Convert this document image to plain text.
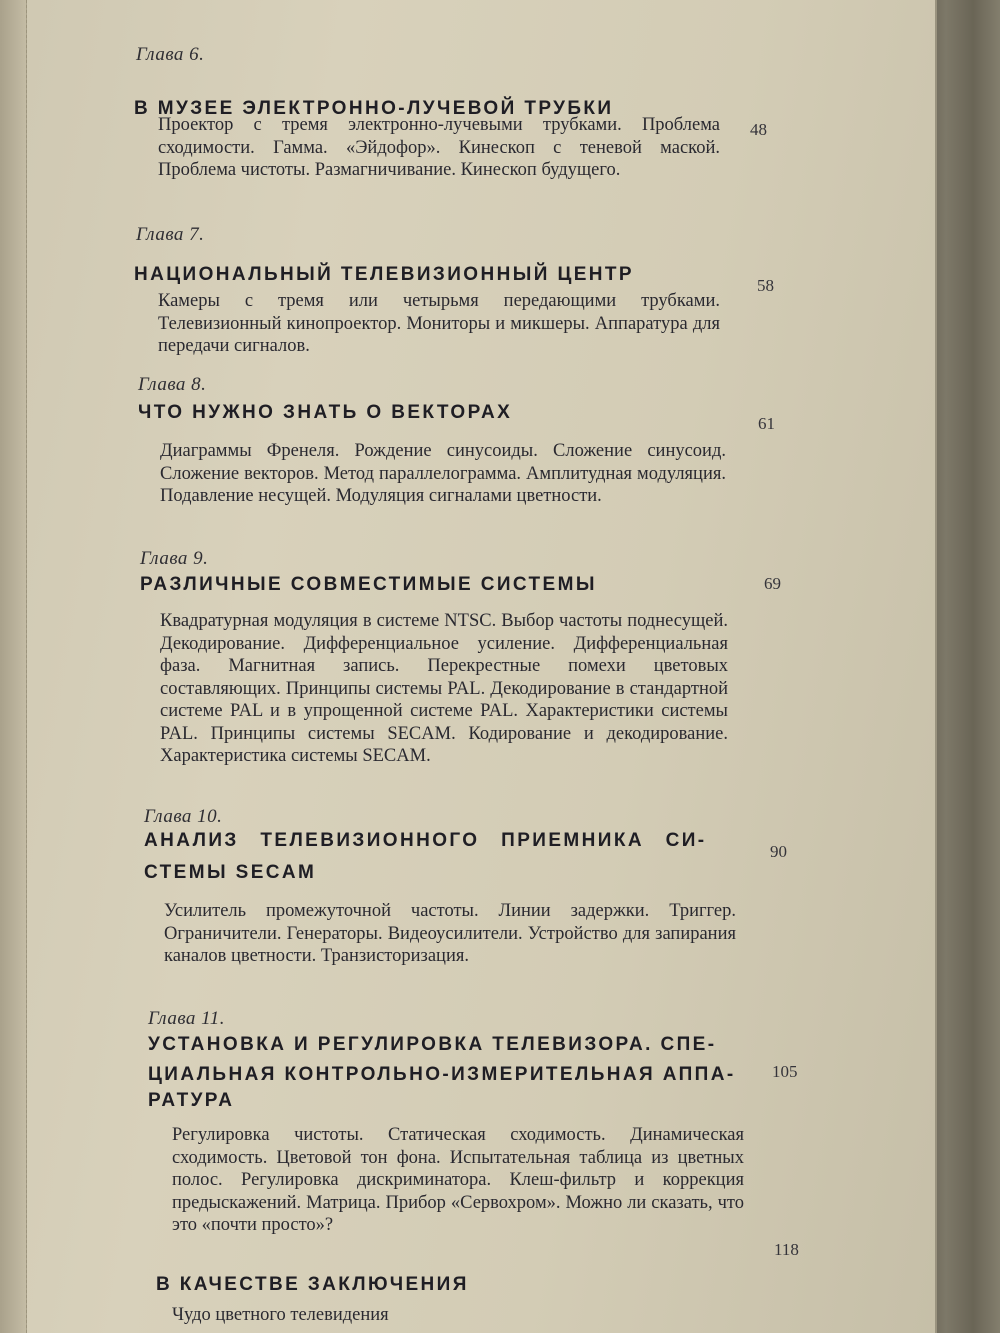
Глава 6.
В МУЗЕЕ ЭЛЕКТРОННО-ЛУЧЕВОЙ ТРУБКИ
Проектор с тремя электронно-лучевыми трубками. Проблема сходимости. Гамма. «Эйдофор». Кинескоп с теневой маской. Проблема чистоты. Размагничивание. Кинескоп будущего.
48
Глава 7.
НАЦИОНАЛЬНЫЙ ТЕЛЕВИЗИОННЫЙ ЦЕНТР
Камеры с тремя или четырьмя передающими трубками. Телевизионный кинопроектор. Мониторы и микшеры. Аппаратура для передачи сигналов.
58
Глава 8.
ЧТО НУЖНО ЗНАТЬ О ВЕКТОРАХ
Диаграммы Френеля. Рождение синусоиды. Сложение синусоид. Сложение векторов. Метод параллелограмма. Амплитудная модуляция. Подавление несущей. Модуляция сигналами цветности.
61
Глава 9.
РАЗЛИЧНЫЕ СОВМЕСТИМЫЕ СИСТЕМЫ
Квадратурная модуляция в системе NTSC. Выбор частоты поднесущей. Декодирование. Дифференциальное усиление. Дифференциальная фаза. Магнитная запись. Перекрестные помехи цветовых составляющих. Принципы системы PAL. Декодирование в стандартной системе PAL и в упрощенной системе PAL. Характеристики системы PAL. Принципы системы SECAM. Кодирование и декодирование. Характеристика системы SECAM.
69
Глава 10.
АНАЛИЗ ТЕЛЕВИЗИОННОГО ПРИЕМНИКА СИ-
СТЕМЫ SECAM
Усилитель промежуточной частоты. Линии задержки. Триггер. Ограничители. Генераторы. Видеоусилители. Устройство для запирания каналов цветности. Транзисторизация.
90
Глава 11.
УСТАНОВКА И РЕГУЛИРОВКА ТЕЛЕВИЗОРА. СПЕ-
ЦИАЛЬНАЯ КОНТРОЛЬНО-ИЗМЕРИТЕЛЬНАЯ АППА-
РАТУРА
Регулировка чистоты. Статическая сходимость. Динамическая сходимость. Цветовой тон фона. Испытательная таблица из цветных полос. Регулировка дискриминатора. Клеш-фильтр и коррекция предыскажений. Матрица. Прибор «Сервохром». Можно ли сказать, что это «почти просто»?
105
В КАЧЕСТВЕ ЗАКЛЮЧЕНИЯ
Чудо цветного телевидения
118
